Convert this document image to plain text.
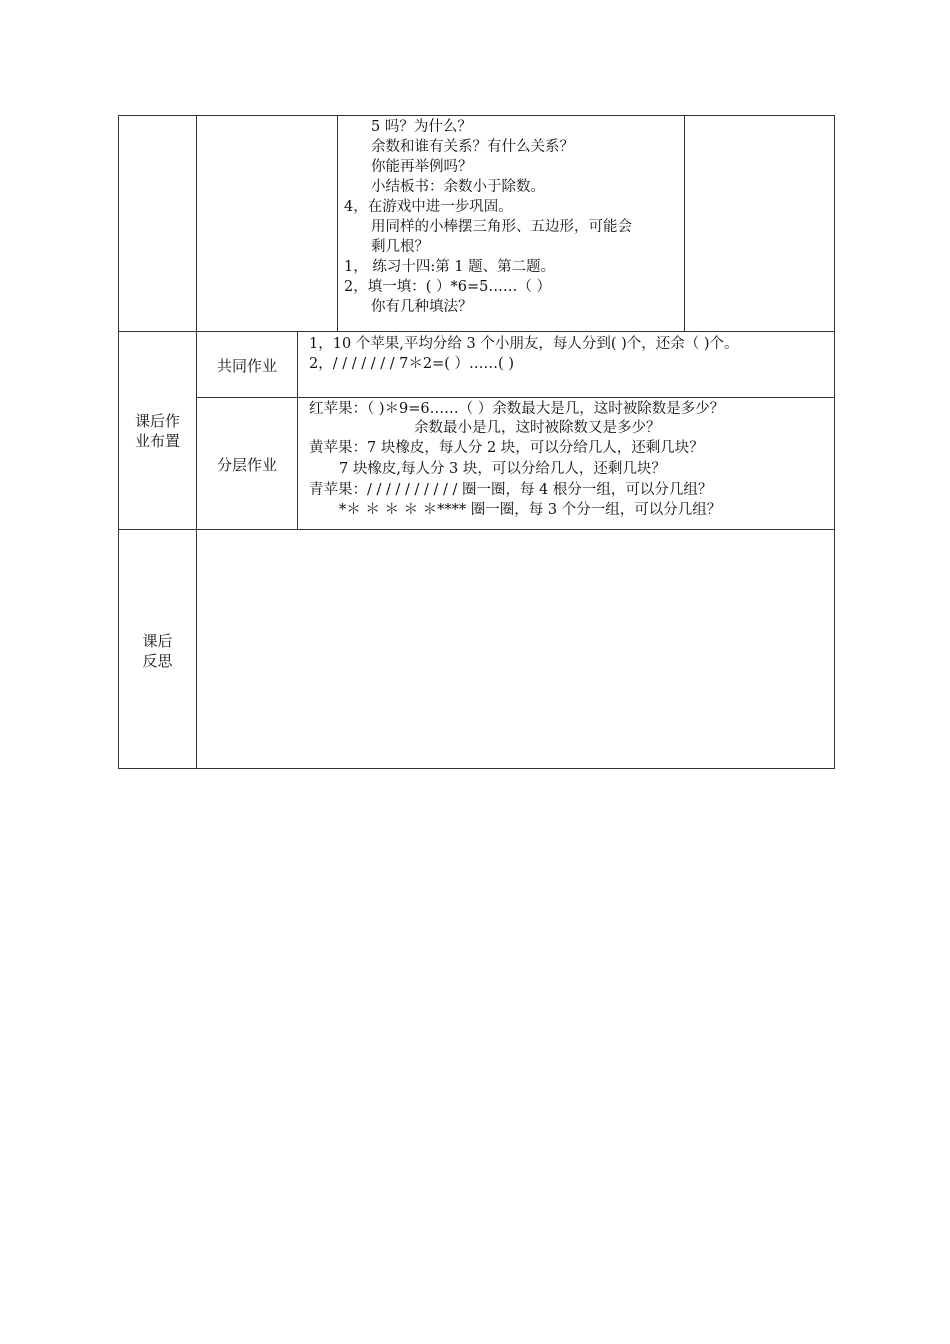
5 吗？为什么？
余数和谁有关系？有什么关系？
你能再举例吗？
小结板书：余数小于除数。
4，在游戏中进一步巩固。
用同样的小棒摆三角形、五边形，可能会
剩几根？
1， 练习十四:第 1 题、第二题。
2，填一填：( ）*6=5……（ ）
你有几种填法？
课后作
业布置
共同作业
1，10 个苹果,平均分给 3 个小朋友，每人分到( )个，还余（ )个。
2，/ / / / / / / 7＊2=( ）……( )
分层作业
红苹果：（ )＊9=6……（ ）余数最大是几，这时被除数是多少？
余数最小是几，这时被除数又是多少？
黄苹果：7 块橡皮，每人分 2 块，可以分给几人，还剩几块？
7 块橡皮,每人分 3 块，可以分给几人，还剩几块？
青苹果：/ / / / / / / / / / 圈一圈，每 4 根分一组，可以分几组？
*＊ ＊ ＊ ＊ ＊**** 圈一圈，每 3 个分一组，可以分几组？
课后
反思
